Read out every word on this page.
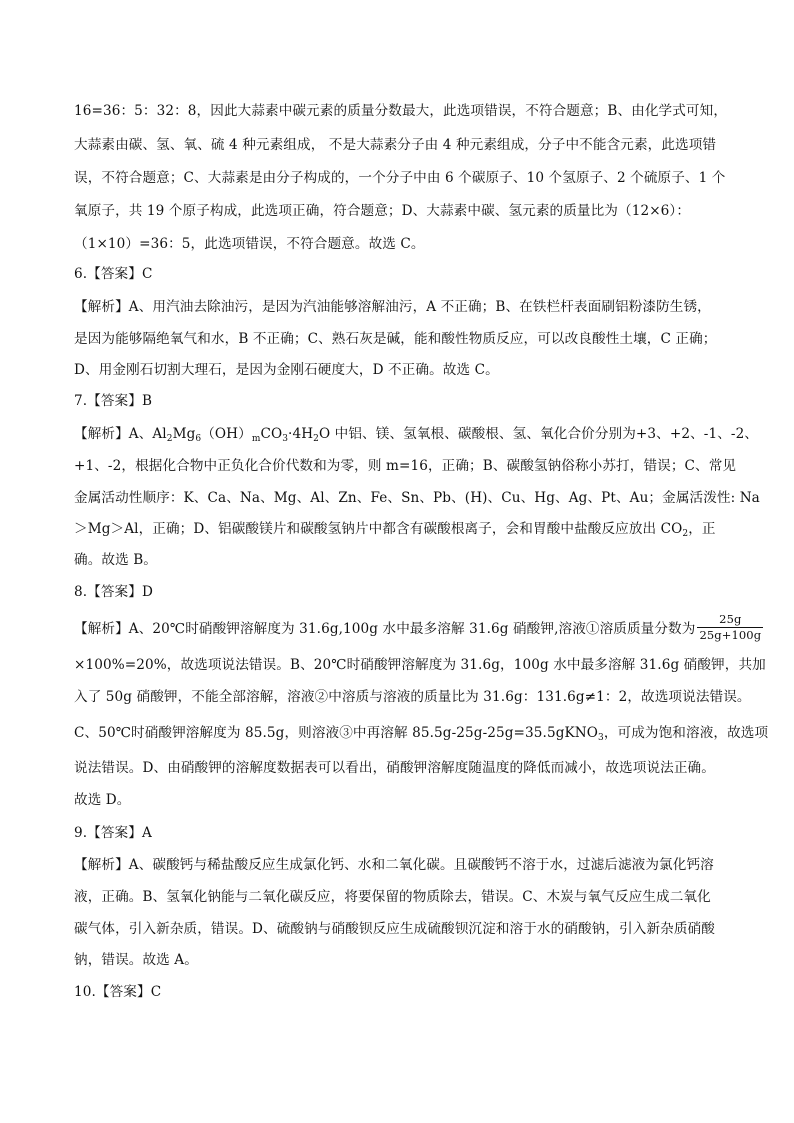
16=36：5：32：8，因此大蒜素中碳元素的质量分数最大，此选项错误，不符合题意；B、由化学式可知，
大蒜素由碳、氢、氧、硫 4 种元素组成， 不是大蒜素分子由 4 种元素组成，分子中不能含元素，此选项错
误，不符合题意；C、大蒜素是由分子构成的，一个分子中由 6 个碳原子、10 个氢原子、2 个硫原子、1 个
氧原子，共 19 个原子构成，此选项正确，符合题意；D、大蒜素中碳、氢元素的质量比为（12×6）：
（1×10）=36：5，此选项错误，不符合题意。故选 C。
6.【答案】C
【解析】A、用汽油去除油污，是因为汽油能够溶解油污，A 不正确；B、在铁栏杆表面刷铝粉漆防生锈，
是因为能够隔绝氧气和水，B 不正确；C、熟石灰是碱，能和酸性物质反应，可以改良酸性土壤，C 正确；
D、用金刚石切割大理石，是因为金刚石硬度大，D 不正确。故选 C。
7.【答案】B
【解析】A、$Al_2Mg_6(OH)_mCO_3\cdot 4H_2O$ 中铝、镁、氢氧根、碳酸根、氢、氧化合价分别为+3、+2、-1、-2、
+1、-2，根据化合物中正负化合价代数和为零，则 m=16，正确；B、碳酸氢钠俗称小苏打，错误；C、常见
金属活动性顺序：K、Ca、Na、Mg、Al、Zn、Fe、Sn、Pb、(H)、Cu、Hg、Ag、Pt、Au；金属活泼性: Na
＞Mg＞Al，正确；D、铝碳酸镁片和碳酸氢钠片中都含有碳酸根离子，会和胃酸中盐酸反应放出 $CO_2$，正
确。故选 B。
8.【答案】D
【解析】A、20℃时硝酸钾溶解度为 31.6g,100g 水中最多溶解 31.6g 硝酸钾,溶液①溶质质量分数为 $\frac{25g}{25g+100g}$
×100%=20%，故选项说法错误。B、20℃时硝酸钾溶解度为 31.6g，100g 水中最多溶解 31.6g 硝酸钾，共加
入了 50g 硝酸钾，不能全部溶解，溶液②中溶质与溶液的质量比为 31.6g：131.6g≠1：2，故选项说法错误。
C、50℃时硝酸钾溶解度为 85.5g，则溶液③中再溶解 85.5g-25g-25g=35.5gKNO$_3$，可成为饱和溶液，故选项
说法错误。D、由硝酸钾的溶解度数据表可以看出，硝酸钾溶解度随温度的降低而减小，故选项说法正确。
故选 D。
9.【答案】A
【解析】A、碳酸钙与稀盐酸反应生成氯化钙、水和二氧化碳。且碳酸钙不溶于水，过滤后滤液为氯化钙溶
液，正确。B、氢氧化钠能与二氧化碳反应，将要保留的物质除去，错误。C、木炭与氧气反应生成二氧化
碳气体，引入新杂质，错误。D、硫酸钠与硝酸钡反应生成硫酸钡沉淀和溶于水的硝酸钠，引入新杂质硝酸
钠，错误。故选 A。
10.【答案】C
